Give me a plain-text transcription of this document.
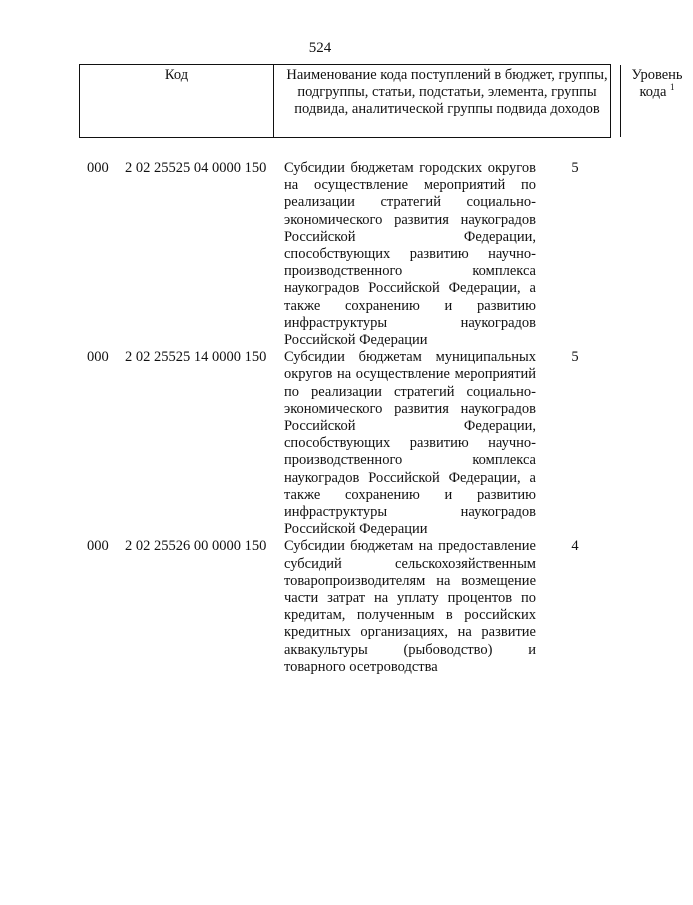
524
Код	Наименование кода поступлений в бюджет, группы, подгруппы, статьи, подстатьи, элемента, группы подвида, аналитической группы подвида доходов
Уровень кода $^1$
000 2 02 25525 04 0000 150 Субсидии бюджетам городских округов на осуществление мероприятий по реализации стратегий социально-экономического развития наукоградов Российской Федерации, способствующих развитию научно-производственного комплекса наукоградов Российской Федерации, а также сохранению и развитию инфраструктуры наукоградов Российской Федерации
5
000 2 02 25525 14 0000 150 Субсидии бюджетам муниципальных округов на осуществление мероприятий по реализации стратегий социально-экономического развития наукоградов Российской Федерации, способствующих развитию научно-производственного комплекса наукоградов Российской Федерации, а также сохранению и развитию инфраструктуры наукоградов Российской Федерации
5
000 2 02 25526 00 0000 150 Субсидии бюджетам на предоставление субсидий сельскохозяйственным товаропроизводителям на возмещение части затрат на уплату процентов по кредитам, полученным в российских кредитных организациях, на развитие аквакультуры (рыбоводство) и товарного осетроводства
4
